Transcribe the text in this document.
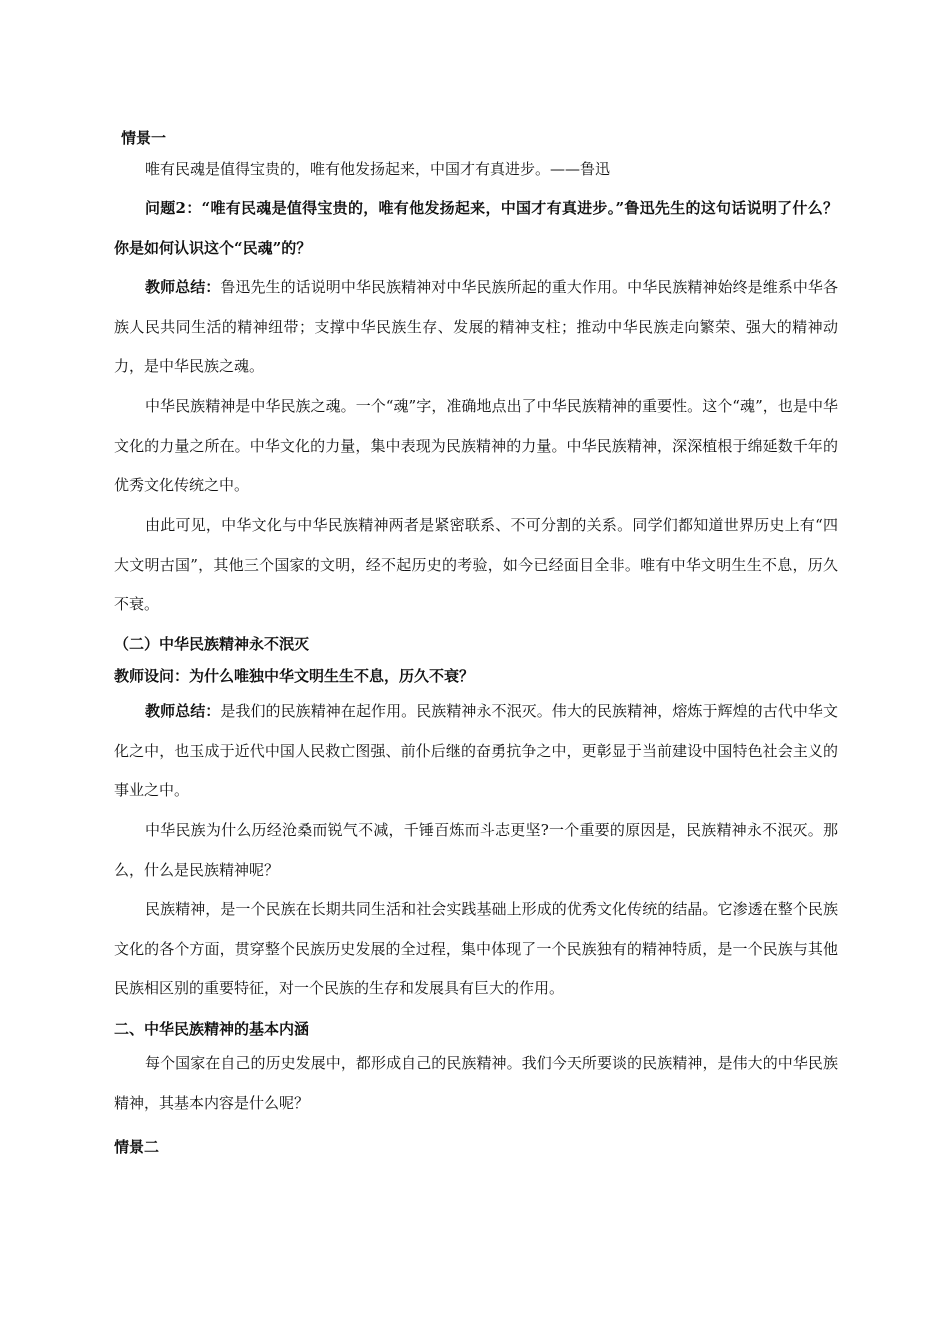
情景一

唯有民魂是值得宝贵的，唯有他发扬起来，中国才有真进步。——鲁迅

问题2：“唯有民魂是值得宝贵的，唯有他发扬起来，中国才有真进步。”鲁迅先生的这句话说明了什么？你是如何认识这个“民魂”的？

教师总结：鲁迅先生的话说明中华民族精神对中华民族所起的重大作用。中华民族精神始终是维系中华各族人民共同生活的精神纽带；支撑中华民族生存、发展的精神支柱；推动中华民族走向繁荣、强大的精神动力，是中华民族之魂。

中华民族精神是中华民族之魂。一个“魂”字，准确地点出了中华民族精神的重要性。这个“魂”，也是中华文化的力量之所在。中华文化的力量，集中表现为民族精神的力量。中华民族精神，深深植根于绵延数千年的优秀文化传统之中。

由此可见，中华文化与中华民族精神两者是紧密联系、不可分割的关系。同学们都知道世界历史上有“四大文明古国”，其他三个国家的文明，经不起历史的考验，如今已经面目全非。唯有中华文明生生不息，历久不衰。

（二）中华民族精神永不泯灭

教师设问：为什么唯独中华文明生生不息，历久不衰？

教师总结：是我们的民族精神在起作用。民族精神永不泯灭。伟大的民族精神，熔炼于辉煌的古代中华文化之中，也玉成于近代中国人民救亡图强、前仆后继的奋勇抗争之中，更彰显于当前建设中国特色社会主义的事业之中。

中华民族为什么历经沧桑而锐气不减，千锤百炼而斗志更坚?一个重要的原因是，民族精神永不泯灭。那么，什么是民族精神呢？

民族精神，是一个民族在长期共同生活和社会实践基础上形成的优秀文化传统的结晶。它渗透在整个民族文化的各个方面，贯穿整个民族历史发展的全过程，集中体现了一个民族独有的精神特质，是一个民族与其他民族相区别的重要特征，对一个民族的生存和发展具有巨大的作用。

二、中华民族精神的基本内涵

每个国家在自己的历史发展中，都形成自己的民族精神。我们今天所要谈的民族精神，是伟大的中华民族精神，其基本内容是什么呢？

情景二
